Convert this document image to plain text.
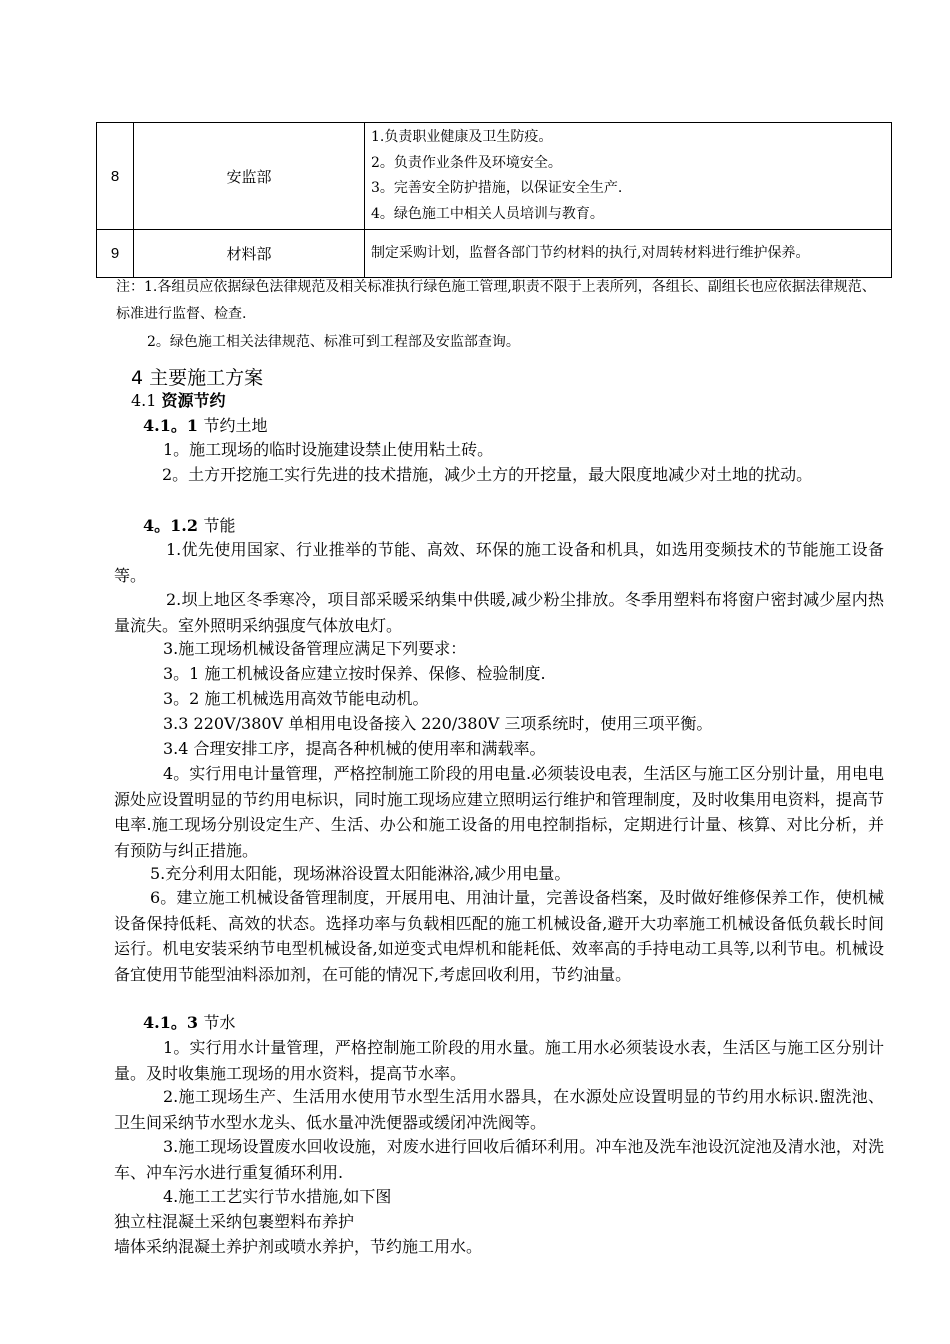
8	安监部	1.负责职业健康及卫生防疫。
2。负责作业条件及环境安全。
3。完善安全防护措施，以保证安全生产.
4。绿色施工中相关人员培训与教育。

9	材料部	制定采购计划，监督各部门节约材料的执行,对周转材料进行维护保养。
注：1.各组员应依据绿色法律规范及相关标准执行绿色施工管理,职责不限于上表所列，各组长、副组长也应依据法律规范、标准进行监督、检查.
2。绿色施工相关法律规范、标准可到工程部及安监部查询。
4 主要施工方案
4.1 资源节约
4.1。1 节约土地
1。施工现场的临时设施建设禁止使用粘土砖。
2。土方开挖施工实行先进的技术措施，减少土方的开挖量，最大限度地减少对土地的扰动。
4。1.2 节能
1.优先使用国家、行业推举的节能、高效、环保的施工设备和机具，如选用变频技术的节能施工设备等。
2.坝上地区冬季寒冷，项目部采暖采纳集中供暖,减少粉尘排放。冬季用塑料布将窗户密封减少屋内热量流失。室外照明采纳强度气体放电灯。
3.施工现场机械设备管理应满足下列要求：
3。1 施工机械设备应建立按时保养、保修、检验制度.
3。2 施工机械选用高效节能电动机。
3.3 220V/380V 单相用电设备接入 220/380V 三项系统时，使用三项平衡。
3.4 合理安排工序，提高各种机械的使用率和满载率。
4。实行用电计量管理，严格控制施工阶段的用电量.必须装设电表，生活区与施工区分别计量，用电电源处应设置明显的节约用电标识，同时施工现场应建立照明运行维护和管理制度，及时收集用电资料，提高节电率.施工现场分别设定生产、生活、办公和施工设备的用电控制指标，定期进行计量、核算、对比分析，并有预防与纠正措施。
5.充分利用太阳能，现场淋浴设置太阳能淋浴,减少用电量。
6。建立施工机械设备管理制度，开展用电、用油计量，完善设备档案，及时做好维修保养工作，使机械设备保持低耗、高效的状态。选择功率与负载相匹配的施工机械设备,避开大功率施工机械设备低负载长时间运行。机电安装采纳节电型机械设备,如逆变式电焊机和能耗低、效率高的手持电动工具等,以利节电。机械设备宜使用节能型油料添加剂，在可能的情况下,考虑回收利用，节约油量。
4.1。3 节水
1。实行用水计量管理，严格控制施工阶段的用水量。施工用水必须装设水表，生活区与施工区分别计量。及时收集施工现场的用水资料，提高节水率。
2.施工现场生产、生活用水使用节水型生活用水器具，在水源处应设置明显的节约用水标识.盥洗池、卫生间采纳节水型水龙头、低水量冲洗便器或缓闭冲洗阀等。
3.施工现场设置废水回收设施，对废水进行回收后循环利用。冲车池及洗车池设沉淀池及清水池，对洗车、冲车污水进行重复循环利用.
4.施工工艺实行节水措施,如下图
独立柱混凝土采纳包裹塑料布养护
墙体采纳混凝土养护剂或喷水养护，节约施工用水。
